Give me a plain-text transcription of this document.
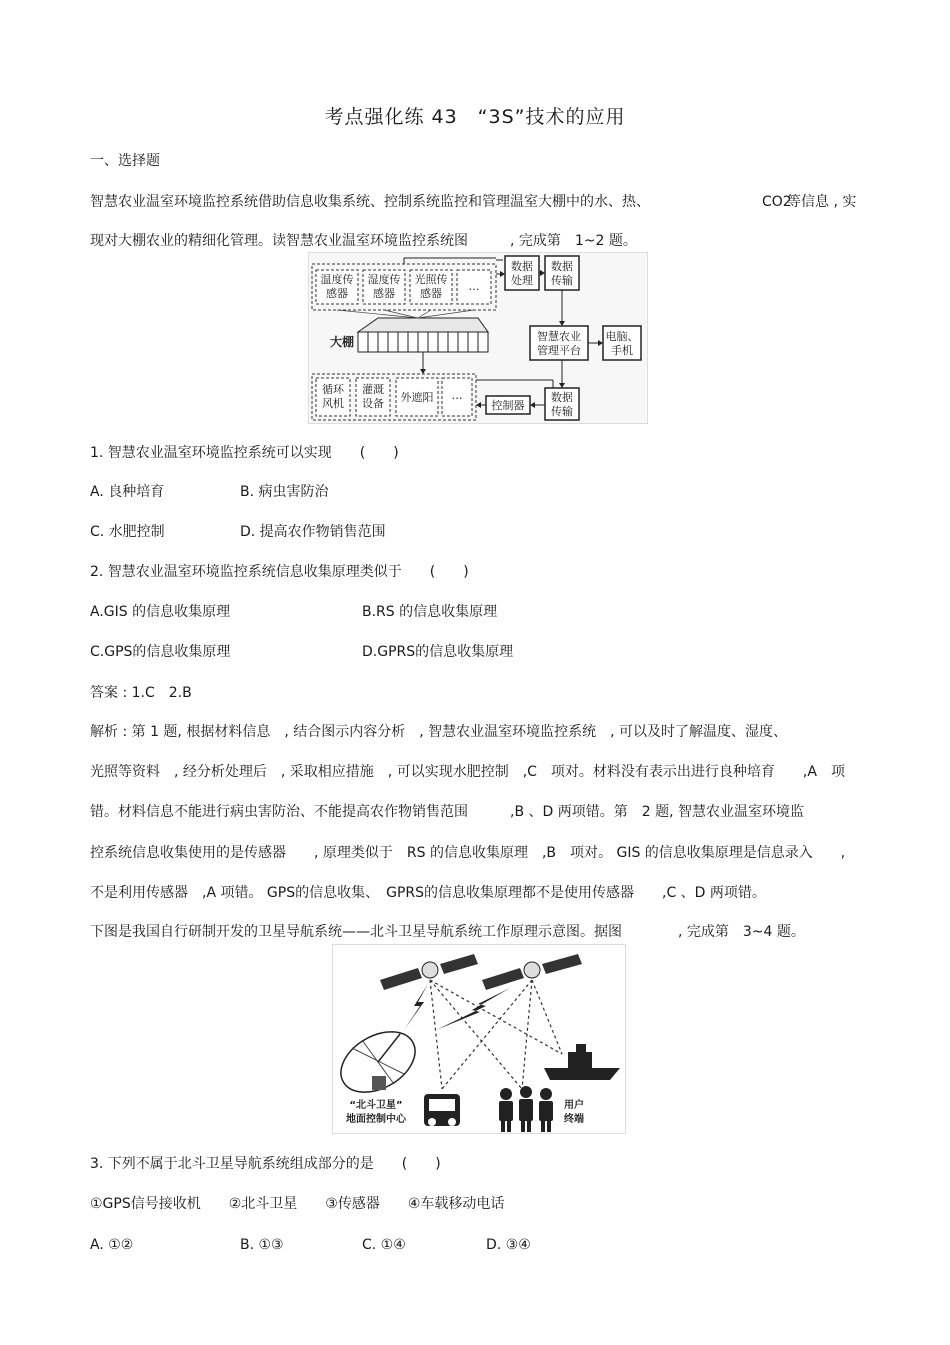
考点强化练 43　“3S”技术的应用
一、选择题
智慧农业温室环境监控系统借助信息收集系统、控制系统监控和管理温室大棚中的水、热、	CO2
等信息 , 实
现对大棚农业的精细化管理。读智慧农业温室环境监控系统图　　　, 完成第　1~2 题。
温度传
感器
湿度传
感器
光照传
感器
…
数据
处理
数据
传输
大棚	智慧农业
管理平台
电脑、
手机
数据
传输
控制器
循环
风机
灌溉
设备 外遮阳 …
1. 智慧农业温室环境监控系统可以实现　　(　　)
A. 良种培育	B. 病虫害防治
C. 水肥控制	D. 提高农作物销售范围
2. 智慧农业温室环境监控系统信息收集原理类似于　　(　　)
A.GIS 的信息收集原理	B.RS 的信息收集原理
C.GPS的信息收集原理	D.GPRS的信息收集原理
答案 : 1.C　2.B
解析 : 第 1 题, 根据材料信息　, 结合图示内容分析　, 智慧农业温室环境监控系统　, 可以及时了解温度、湿度、
光照等资料　, 经分析处理后　, 采取相应措施　, 可以实现水肥控制　,C　项对。材料没有表示出进行良种培育　　,A　项
错。材料信息不能进行病虫害防治、不能提高农作物销售范围　　　,B 、D 两项错。第　2 题, 智慧农业温室环境监
控系统信息收集使用的是传感器　　, 原理类似于　RS 的信息收集原理　,B　项对。 GIS 的信息收集原理是信息录入　　,
不是利用传感器　,A 项错。 GPS的信息收集、　GPRS的信息收集原理都不是使用传感器　　,C 、D 两项错。
下图是我国自行研制开发的卫星导航系统——北斗卫星导航系统工作原理示意图。据图　　　　, 完成第　3~4 题。
“北斗卫星”
地面控制中心
用户
终端
3. 下列不属于北斗卫星导航系统组成部分的是　　(　　)
①GPS信号接收机　　②北斗卫星　　③传感器　　④车载移动电话
A. ①②	B. ①③	C. ①④	D. ③④
